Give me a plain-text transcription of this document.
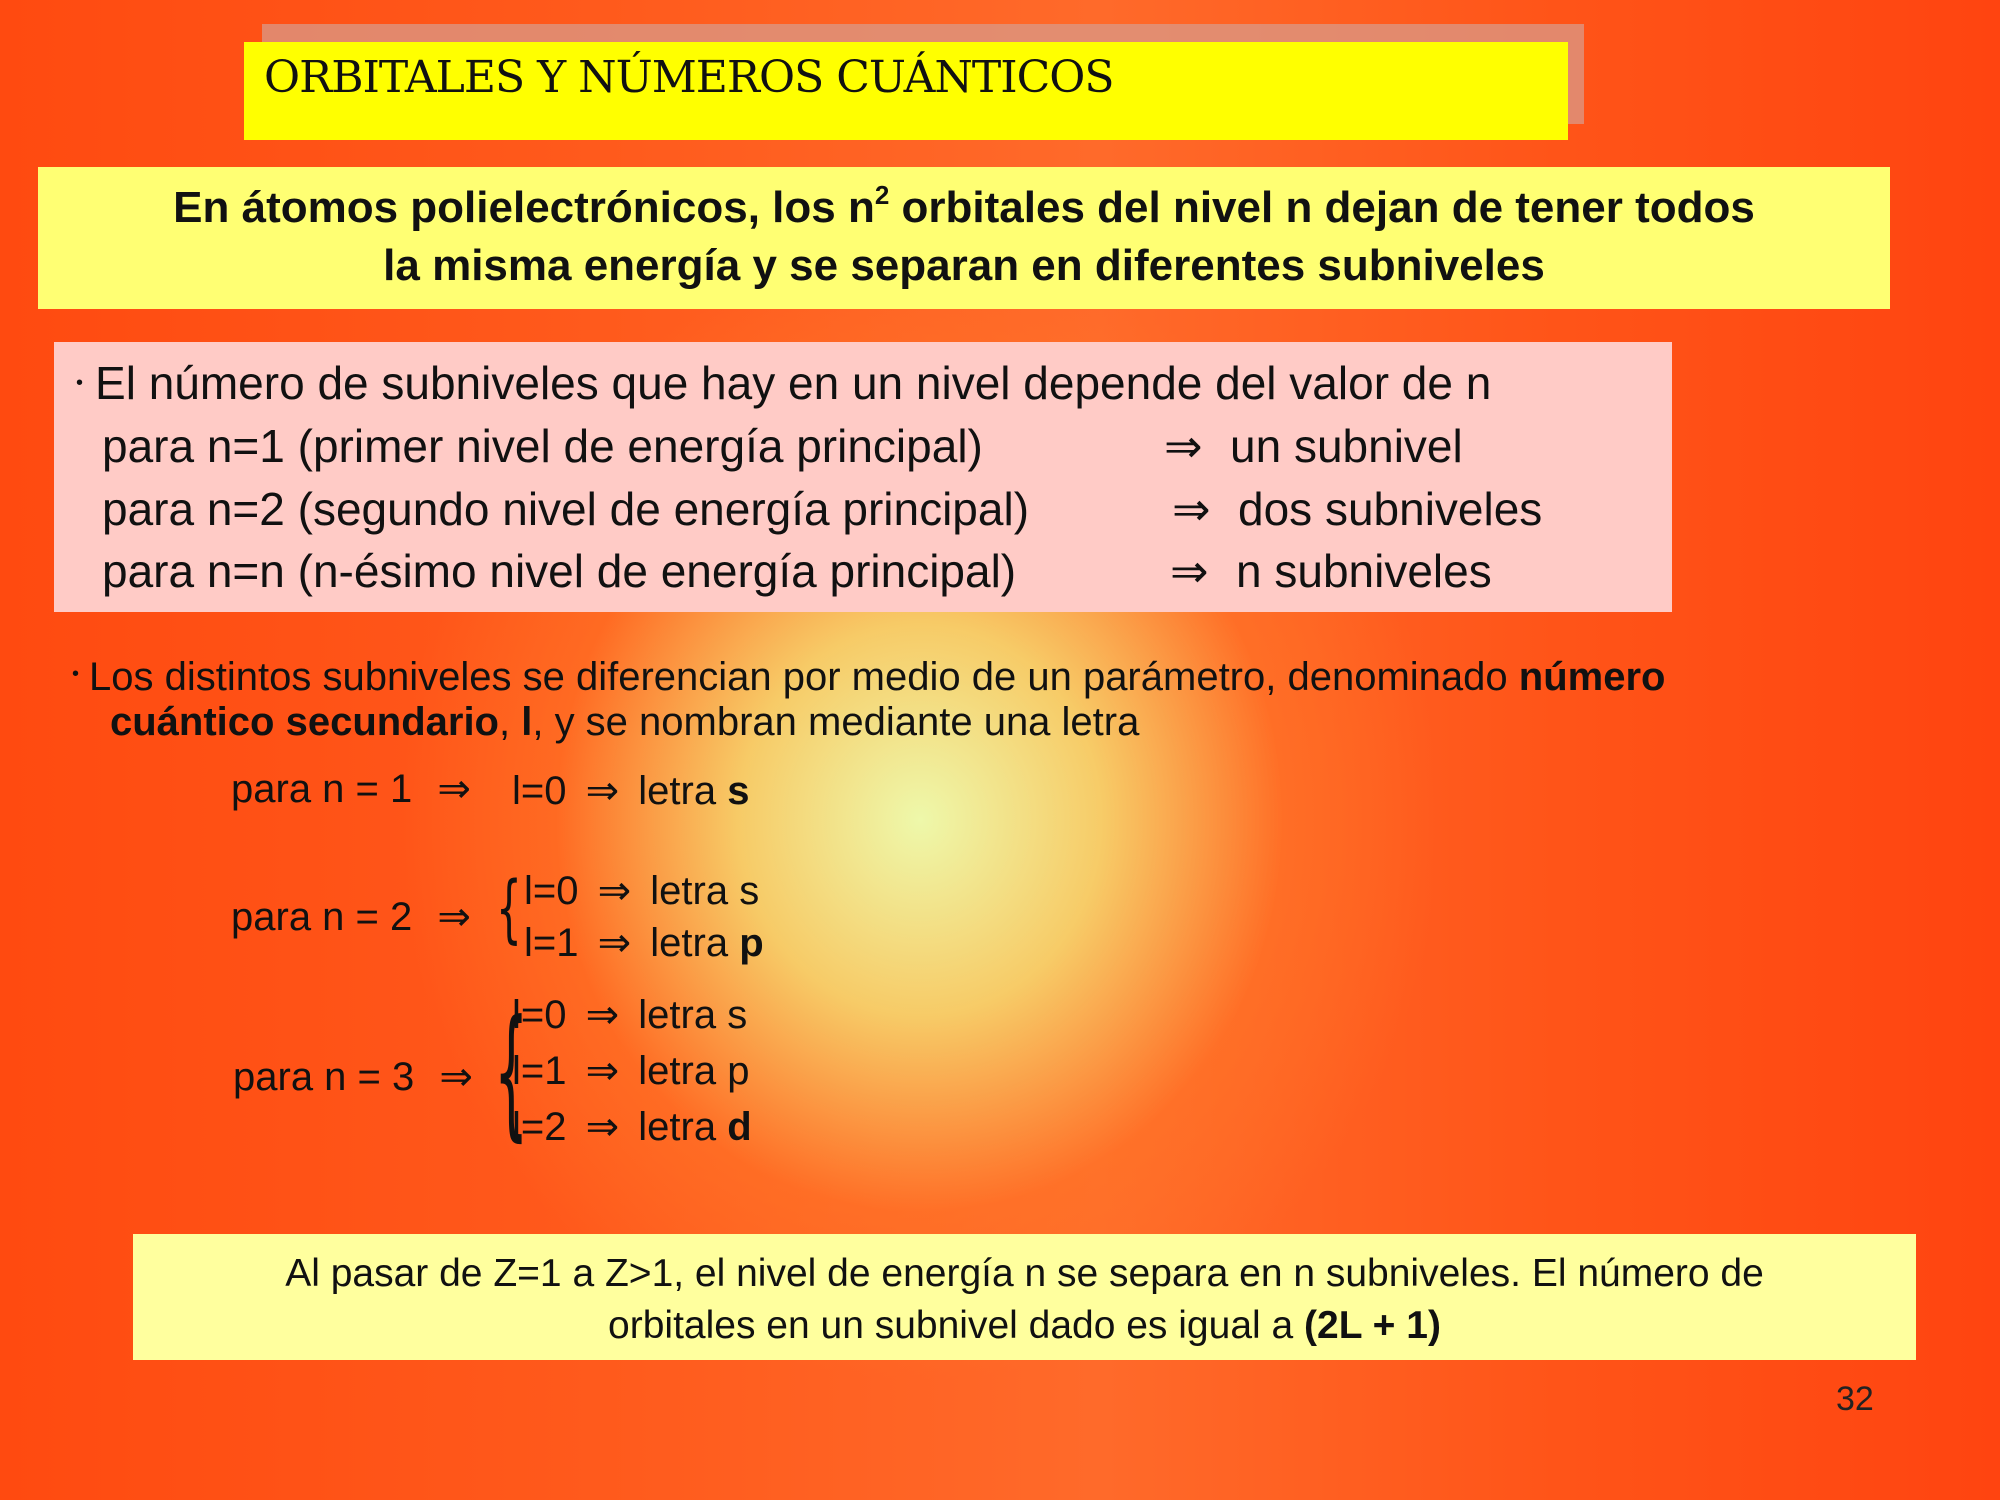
ORBITALES Y NÚMEROS CUÁNTICOS
En átomos polielectrónicos, los $n^2$ orbitales del nivel n dejan de tener todos
la misma energía y se separan en diferentes subniveles
• El número de subniveles que hay en un nivel depende del valor de n
para n=1 (primer nivel de energía principal)	⇒ un subnivel
para n=2 (segundo nivel de energía principal)	⇒ dos subniveles
para n=n (n-ésimo nivel de energía principal)	⇒ n subniveles
• Los distintos subniveles se diferencian por medio de un parámetro, denominado número
cuántico secundario, l, y se nombran mediante una letra
para n = 1 ⇒ l=0 ⇒ letra s
para n = 2 ⇒ { l=0 ⇒ letra s
l=1 ⇒ letra p
para n = 3 ⇒ {
l=0 ⇒ letra s
l=1 ⇒ letra p
l=2 ⇒ letra d
Al pasar de Z=1 a Z>1, el nivel de energía n se separa en n subniveles. El número de
orbitales en un subnivel dado es igual a (2L + 1)
32
